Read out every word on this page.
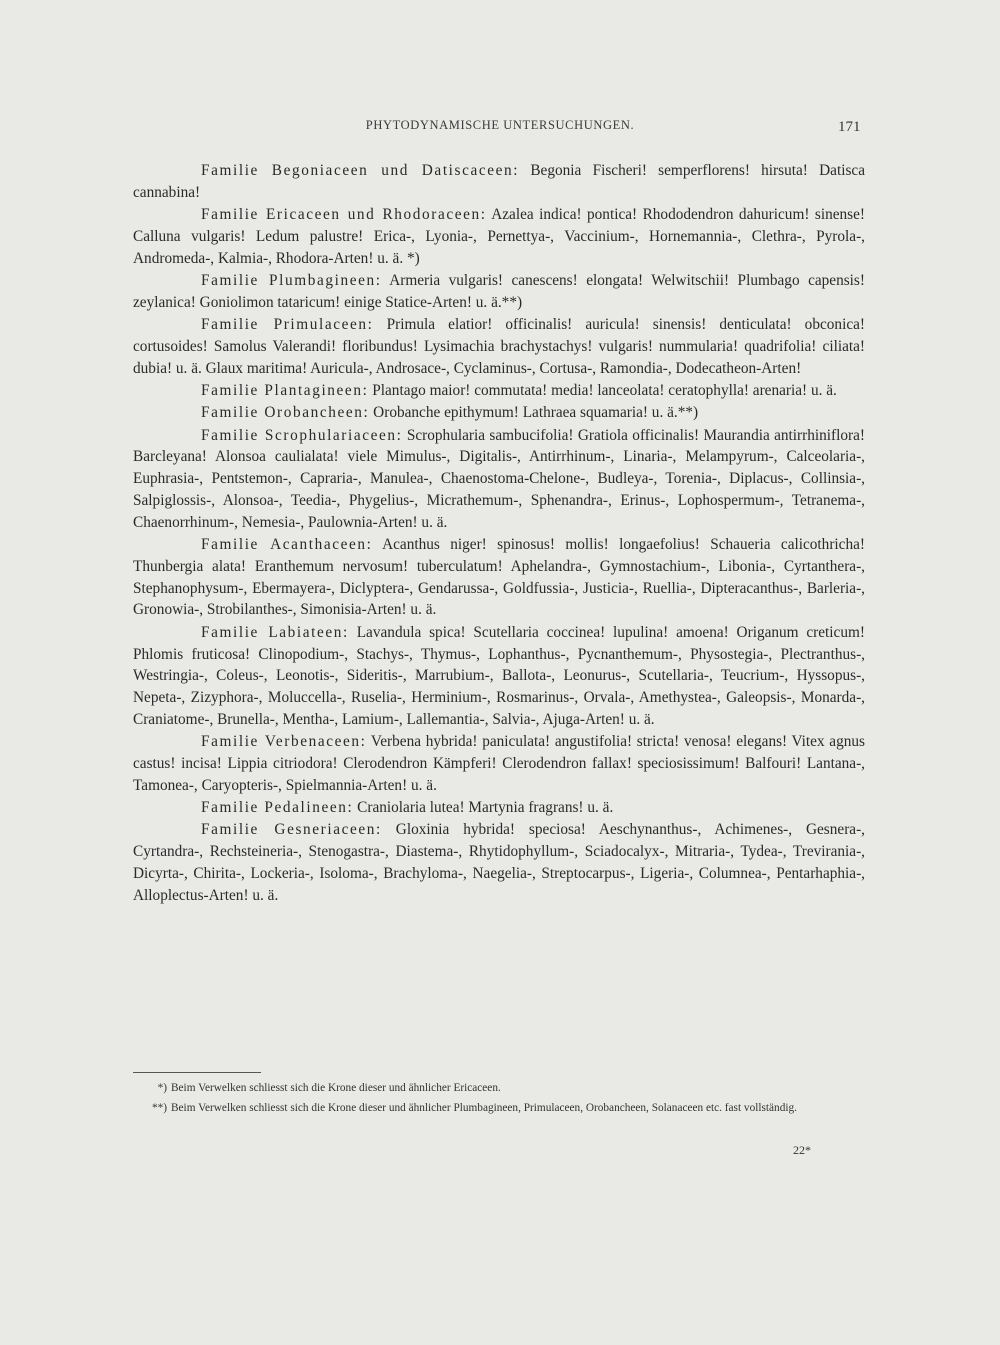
PHYTODYNAMISCHE UNTERSUCHUNGEN.	171

Familie Begoniaceen und Datiscaceen: Begonia Fischeri! semperflorens! hirsuta! Datisca cannabina!

Familie Ericaceen und Rhodoraceen: Azalea indica! pontica! Rhododendron dahuricum! sinense! Calluna vulgaris! Ledum palustre! Erica-, Lyonia-, Pernettya-, Vaccinium-, Hornemannia-, Clethra-, Pyrola-, Andromeda-, Kalmia-, Rhodora-Arten! u. ä. *)

Familie Plumbagineen: Armeria vulgaris! canescens! elongata! Welwitschii! Plumbago capensis! zeylanica! Goniolimon tataricum! einige Statice-Arten! u. ä.**)

Familie Primulaceen: Primula elatior! officinalis! auricula! sinensis! denticulata! obconica! cortusoides! Samolus Valerandi! floribundus! Lysimachia brachystachys! vulgaris! nummularia! quadrifolia! ciliata! dubia! u. ä. Glaux maritima! Auricula-, Androsace-, Cyclaminus-, Cortusa-, Ramondia-, Dodecatheon-Arten!

Familie Plantagineen: Plantago maior! commutata! media! lanceolata! ceratophylla! arenaria! u. ä.

Familie Orobancheen: Orobanche epithymum! Lathraea squamaria! u. ä.**)

Familie Scrophulariaceen: Scrophularia sambucifolia! Gratiola officinalis! Maurandia antirrhiniflora! Barcleyana! Alonsoa caulialata! viele Mimulus-, Digitalis-, Antirrhinum-, Linaria-, Melampyrum-, Calceolaria-, Euphrasia-, Pentstemon-, Capraria-, Manulea-, Chaenostoma-Chelone-, Budleya-, Torenia-, Diplacus-, Collinsia-, Salpiglossis-, Alonsoa-, Teedia-, Phygelius-, Micrathemum-, Sphenandra-, Erinus-, Lophospermum-, Tetranema-, Chaenorrhinum-, Nemesia-, Paulownia-Arten! u. ä.

Familie Acanthaceen: Acanthus niger! spinosus! mollis! longaefolius! Schaueria calicothricha! Thunbergia alata! Eranthemum nervosum! tuberculatum! Aphelandra-, Gymnostachium-, Libonia-, Cyrtanthera-, Stephanophysum-, Ebermayera-, Diclyptera-, Gendarussa-, Goldfussia-, Justicia-, Ruellia-, Dipteracanthus-, Barleria-, Gronowia-, Strobilanthes-, Simonisia-Arten! u. ä.

Familie Labiateen: Lavandula spica! Scutellaria coccinea! lupulina! amoena! Origanum creticum! Phlomis fruticosa! Clinopodium-, Stachys-, Thymus-, Lophanthus-, Pycnanthemum-, Physostegia-, Plectranthus-, Westringia-, Coleus-, Leonotis-, Sideritis-, Marrubium-, Ballota-, Leonurus-, Scutellaria-, Teucrium-, Hyssopus-, Nepeta-, Zizyphora-, Moluccella-, Ruselia-, Herminium-, Rosmarinus-, Orvala-, Amethystea-, Galeopsis-, Monarda-, Craniatome-, Brunella-, Mentha-, Lamium-, Lallemantia-, Salvia-, Ajuga-Arten! u. ä.

Familie Verbenaceen: Verbena hybrida! paniculata! angustifolia! stricta! venosa! elegans! Vitex agnus castus! incisa! Lippia citriodora! Clerodendron Kämpferi! Clerodendron fallax! speciosissimum! Balfouri! Lantana-, Tamonea-, Caryopteris-, Spielmannia-Arten! u. ä.

Familie Pedalineen: Craniolaria lutea! Martynia fragrans! u. ä.

Familie Gesneriaceen: Gloxinia hybrida! speciosa! Aeschynanthus-, Achimenes-, Gesnera-, Cyrtandra-, Rechsteineria-, Stenogastra-, Diastema-, Rhytidophyllum-, Sciadocalyx-, Mitraria-, Tydea-, Trevirania-, Dicyrta-, Chirita-, Lockeria-, Isoloma-, Brachyloma-, Naegelia-, Streptocarpus-, Ligeria-, Columnea-, Pentarhaphia-, Alloplectus-Arten! u. ä.

*) Beim Verwelken schliesst sich die Krone dieser und ähnlicher Ericaceen.

**) Beim Verwelken schliesst sich die Krone dieser und ähnlicher Plumbagineen, Primulaceen, Orobancheen, Solanaceen etc. fast vollständig.

22*
